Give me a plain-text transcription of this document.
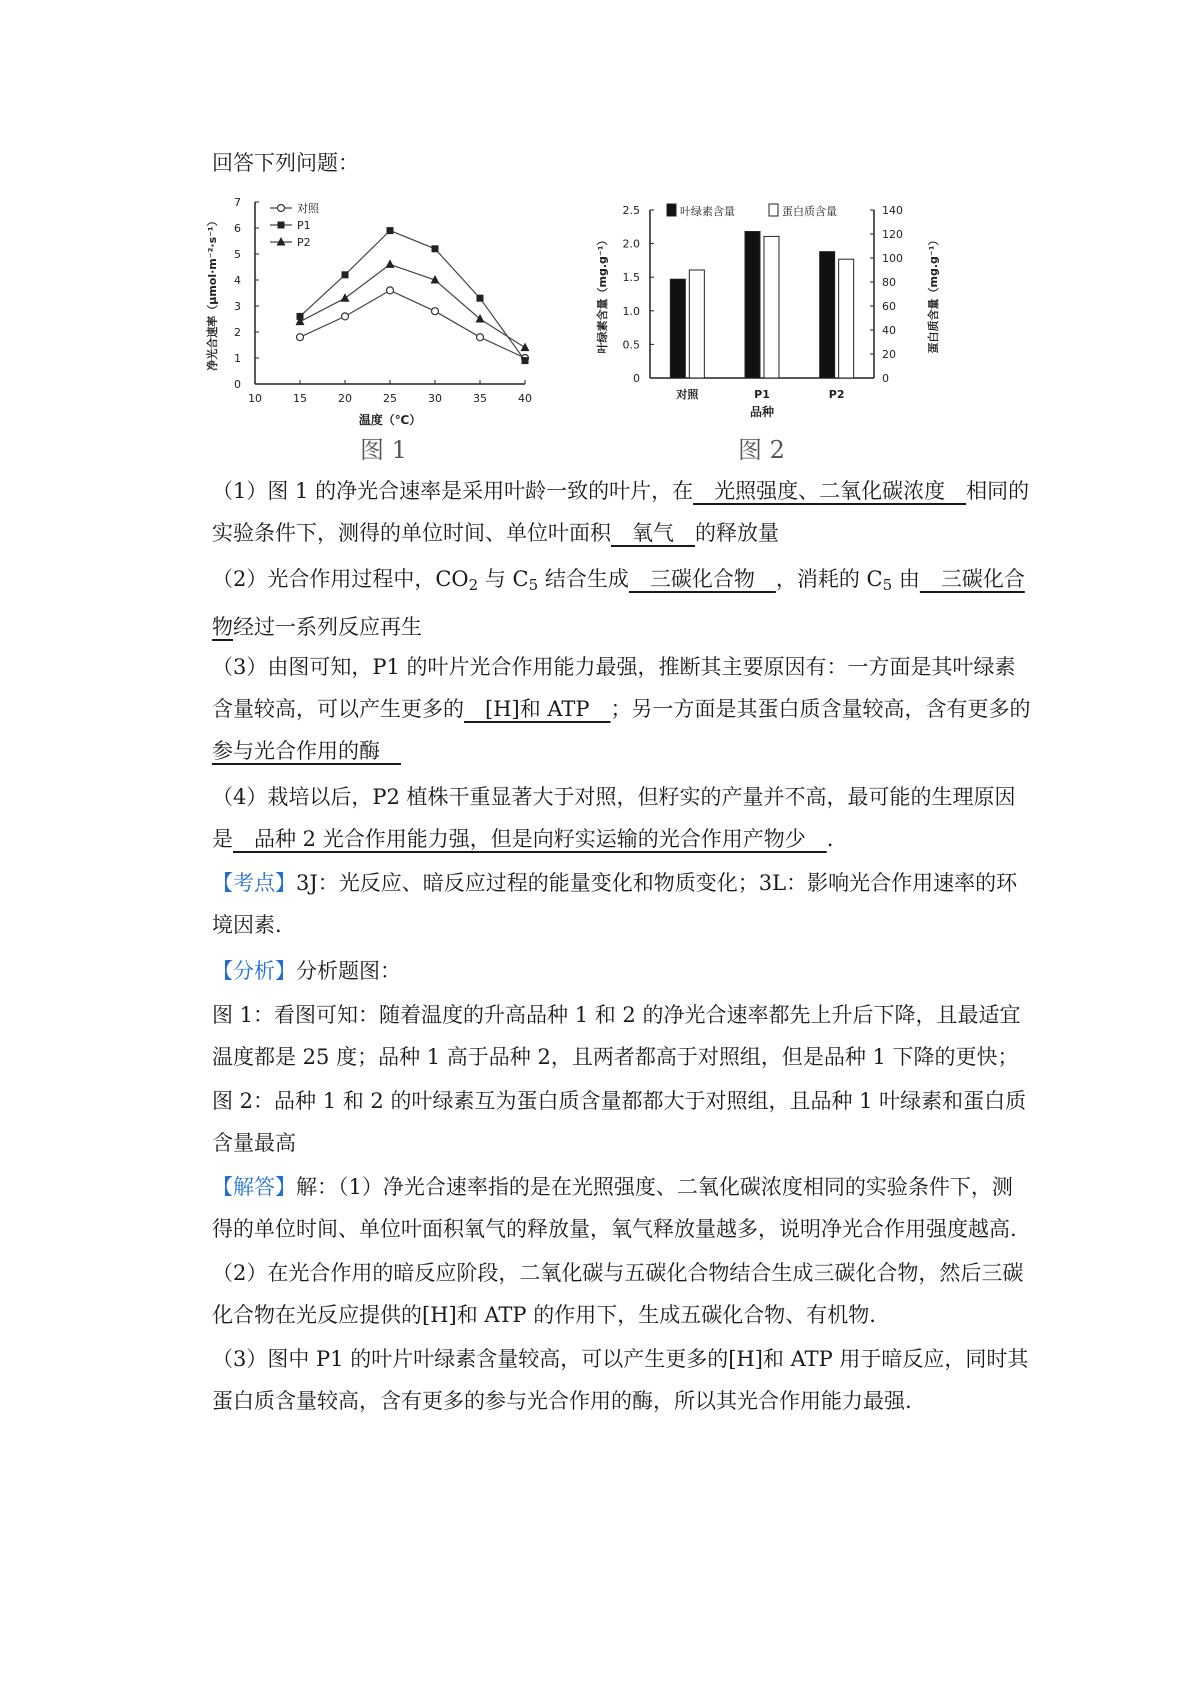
回答下列问题：
0
1
2
3
4
5
6
7
10	15	20	25	30	35	40
温度（℃）
净光合速率（μmol·m⁻²·s⁻¹）
对照
P1
P2
图 1
0
0.5
1.0
1.5
2.0
2.5
0
20
40
60
80
100
120
140
对照	P1	P2
品种
叶绿素含量（mg.g⁻¹）	蛋白质含量（mg.g⁻¹）
叶绿素含量	蛋白质含量
图 2
（1）图 1 的净光合速率是采用叶龄一致的叶片，在　光照强度、二氧化碳浓度　相同的实验条件下，测得的单位时间、单位叶面积　氧气　的释放量
（2）光合作用过程中，$CO_2$ 与 $C_5$ 结合生成　三碳化合物　，消耗的 $C_5$ 由　三碳化合物经过一系列反应再生
（3）由图可知，P1 的叶片光合作用能力最强，推断其主要原因有：一方面是其叶绿素含量较高，可以产生更多的　[H]和 ATP　；另一方面是其蛋白质含量较高，含有更多的参与光合作用的酶　
（4）栽培以后，P2 植株干重显著大于对照，但籽实的产量并不高，最可能的生理原因是　品种 2 光合作用能力强，但是向籽实运输的光合作用产物少　.
【考点】3J：光反应、暗反应过程的能量变化和物质变化；3L：影响光合作用速率的环境因素.
【分析】分析题图：
图 1：看图可知：随着温度的升高品种 1 和 2 的净光合速率都先上升后下降，且最适宜温度都是 25 度；品种 1 高于品种 2，且两者都高于对照组，但是品种 1 下降的更快；
图 2：品种 1 和 2 的叶绿素互为蛋白质含量都都大于对照组，且品种 1 叶绿素和蛋白质含量最高
【解答】解：（1）净光合速率指的是在光照强度、二氧化碳浓度相同的实验条件下，测得的单位时间、单位叶面积氧气的释放量，氧气释放量越多，说明净光合作用强度越高.
（2）在光合作用的暗反应阶段，二氧化碳与五碳化合物结合生成三碳化合物，然后三碳化合物在光反应提供的[H]和 ATP 的作用下，生成五碳化合物、有机物.
（3）图中 P1 的叶片叶绿素含量较高，可以产生更多的[H]和 ATP 用于暗反应，同时其蛋白质含量较高，含有更多的参与光合作用的酶，所以其光合作用能力最强.
